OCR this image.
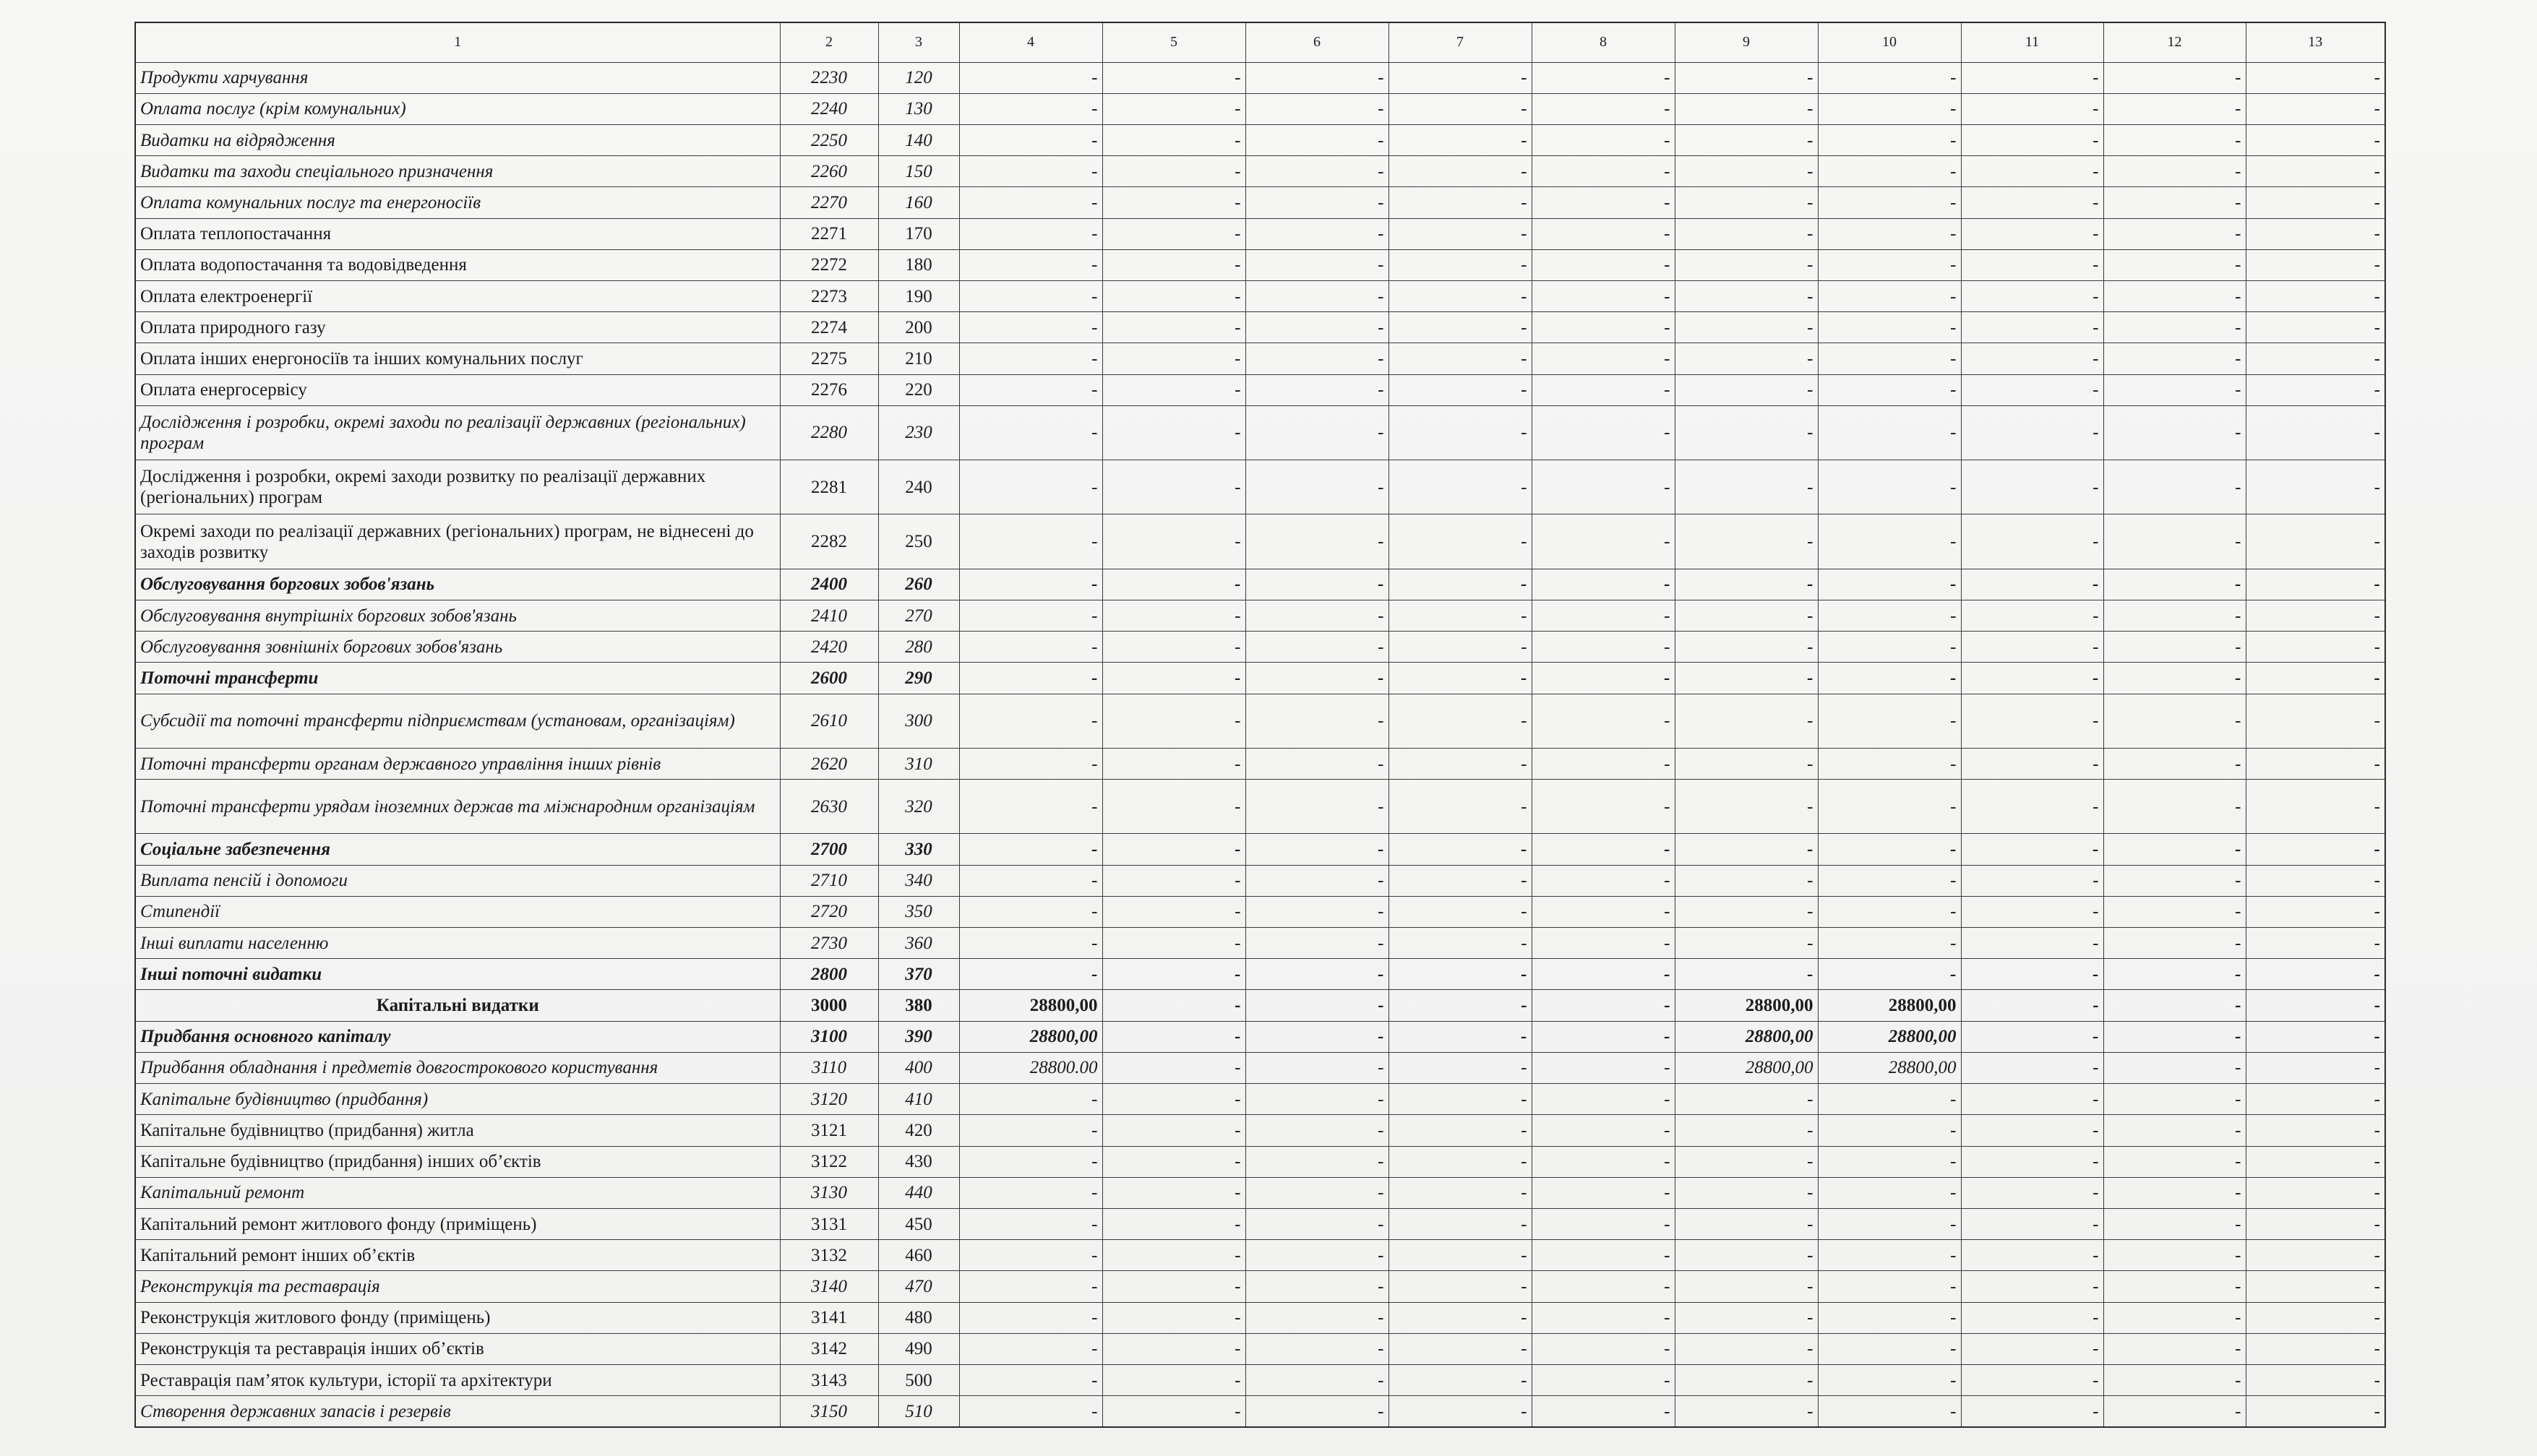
1	2	3	4	5	6	7	8	9	10	11	12	13
Продукти харчування	2230	120	-	-	-	-	-	-	-	-	-	-
Оплата послуг (крім комунальних)	2240	130	-	-	-	-	-	-	-	-	-	-
Видатки на відрядження	2250	140	-	-	-	-	-	-	-	-	-	-
Видатки та заходи спеціального призначення	2260	150	-	-	-	-	-	-	-	-	-	-
Оплата комунальних послуг та енергоносіїв	2270	160	-	-	-	-	-	-	-	-	-	-
Оплата теплопостачання	2271	170	-	-	-	-	-	-	-	-	-	-
Оплата водопостачання та водовідведення	2272	180	-	-	-	-	-	-	-	-	-	-
Оплата електроенергії	2273	190	-	-	-	-	-	-	-	-	-	-
Оплата природного газу	2274	200	-	-	-	-	-	-	-	-	-	-
Оплата інших енергоносіїв та інших комунальних послуг	2275	210	-	-	-	-	-	-	-	-	-	-
Оплата енергосервісу	2276	220	-	-	-	-	-	-	-	-	-	-
Дослідження і розробки, окремі заходи по реалізації державних (регіональних) програм	2280	230	-	-	-	-	-	-	-	-	-	-
Дослідження і розробки, окремі заходи розвитку по реалізації державних (регіональних) програм	2281	240	-	-	-	-	-	-	-	-	-	-
Окремі заходи по реалізації державних (регіональних) програм, не віднесені до заходів розвитку	2282	250	-	-	-	-	-	-	-	-	-	-
Обслуговування боргових зобов'язань	2400	260	-	-	-	-	-	-	-	-	-	-
Обслуговування внутрішніх боргових зобов'язань	2410	270	-	-	-	-	-	-	-	-	-	-
Обслуговування зовнішніх боргових зобов'язань	2420	280	-	-	-	-	-	-	-	-	-	-
Поточні трансферти	2600	290	-	-	-	-	-	-	-	-	-	-
Субсидії та поточні трансферти підприємствам (установам, організаціям)	2610	300	-	-	-	-	-	-	-	-	-	-
Поточні трансферти органам державного управління інших рівнів	2620	310	-	-	-	-	-	-	-	-	-	-
Поточні трансферти урядам іноземних держав та міжнародним організаціям	2630	320	-	-	-	-	-	-	-	-	-	-
Соціальне забезпечення	2700	330	-	-	-	-	-	-	-	-	-	-
Виплата пенсій і допомоги	2710	340	-	-	-	-	-	-	-	-	-	-
Стипендії	2720	350	-	-	-	-	-	-	-	-	-	-
Інші виплати населенню	2730	360	-	-	-	-	-	-	-	-	-	-
Інші поточні видатки	2800	370	-	-	-	-	-	-	-	-	-	-
Капітальні видатки	3000	380	28800,00	-	-	-	-	28800,00	28800,00	-	-	-
Придбання основного капіталу	3100	390	28800,00	-	-	-	-	28800,00	28800,00	-	-	-
Придбання обладнання і предметів довгострокового користування	3110	400	28800.00	-	-	-	-	28800,00	28800,00	-	-	-
Капітальне будівництво (придбання)	3120	410	-	-	-	-	-	-	-	-	-	-
Капітальне будівництво (придбання) житла	3121	420	-	-	-	-	-	-	-	-	-	-
Капітальне будівництво (придбання) інших об’єктів	3122	430	-	-	-	-	-	-	-	-	-	-
Капітальний ремонт	3130	440	-	-	-	-	-	-	-	-	-	-
Капітальний ремонт житлового фонду (приміщень)	3131	450	-	-	-	-	-	-	-	-	-	-
Капітальний ремонт інших об’єктів	3132	460	-	-	-	-	-	-	-	-	-	-
Реконструкція та реставрація	3140	470	-	-	-	-	-	-	-	-	-	-
Реконструкція житлового фонду (приміщень)	3141	480	-	-	-	-	-	-	-	-	-	-
Реконструкція та реставрація інших об’єктів	3142	490	-	-	-	-	-	-	-	-	-	-
Реставрація пам’яток культури, історії та архітектури	3143	500	-	-	-	-	-	-	-	-	-	-
Створення державних запасів і резервів	3150	510	-	-	-	-	-	-	-	-	-	-
